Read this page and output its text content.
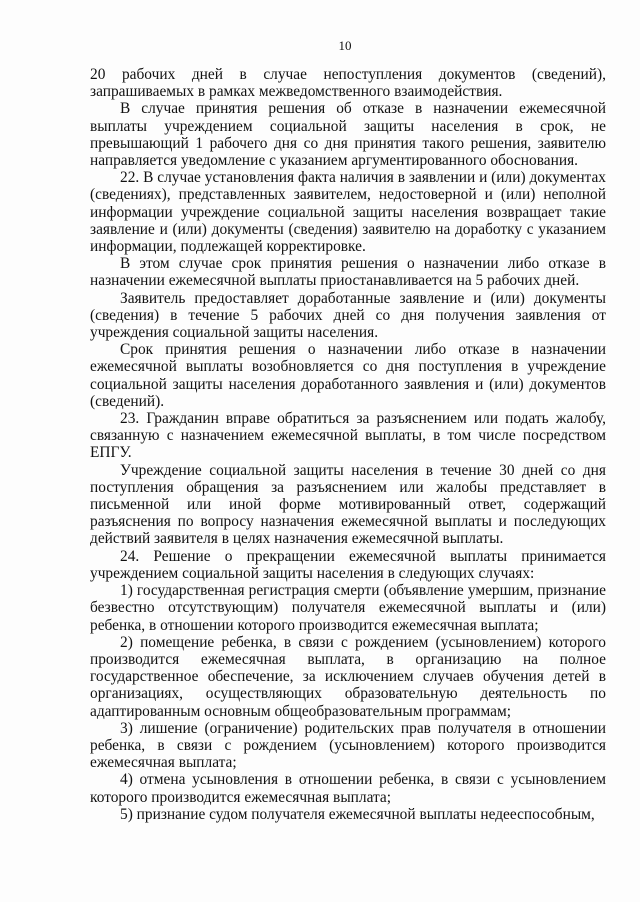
10

20 рабочих дней в случае непоступления документов (сведений), запрашиваемых в рамках межведомственного взаимодействия.

В случае принятия решения об отказе в назначении ежемесячной выплаты учреждением социальной защиты населения в срок, не превышающий 1 рабочего дня со дня принятия такого решения, заявителю направляется уведомление с указанием аргументированного обоснования.

22. В случае установления факта наличия в заявлении и (или) документах (сведениях), представленных заявителем, недостоверной и (или) неполной информации учреждение социальной защиты населения возвращает такие заявление и (или) документы (сведения) заявителю на доработку с указанием информации, подлежащей корректировке.

В этом случае срок принятия решения о назначении либо отказе в назначении ежемесячной выплаты приостанавливается на 5 рабочих дней.

Заявитель предоставляет доработанные заявление и (или) документы (сведения) в течение 5 рабочих дней со дня получения заявления от учреждения социальной защиты населения.

Срок принятия решения о назначении либо отказе в назначении ежемесячной выплаты возобновляется со дня поступления в учреждение социальной защиты населения доработанного заявления и (или) документов (сведений).

23. Гражданин вправе обратиться за разъяснением или подать жалобу, связанную с назначением ежемесячной выплаты, в том числе посредством ЕПГУ.

Учреждение социальной защиты населения в течение 30 дней со дня поступления обращения за разъяснением или жалобы представляет в письменной или иной форме мотивированный ответ, содержащий разъяснения по вопросу назначения ежемесячной выплаты и последующих действий заявителя в целях назначения ежемесячной выплаты.

24. Решение о прекращении ежемесячной выплаты принимается учреждением социальной защиты населения в следующих случаях:

1) государственная регистрация смерти (объявление умершим, признание безвестно отсутствующим) получателя ежемесячной выплаты и (или) ребенка, в отношении которого производится ежемесячная выплата;

2) помещение ребенка, в связи с рождением (усыновлением) которого производится ежемесячная выплата, в организацию на полное государственное обеспечение, за исключением случаев обучения детей в организациях, осуществляющих образовательную деятельность по адаптированным основным общеобразовательным программам;

3) лишение (ограничение) родительских прав получателя в отношении ребенка, в связи с рождением (усыновлением) которого производится ежемесячная выплата;

4) отмена усыновления в отношении ребенка, в связи с усыновлением которого производится ежемесячная выплата;

5) признание судом получателя ежемесячной выплаты недееспособным,
